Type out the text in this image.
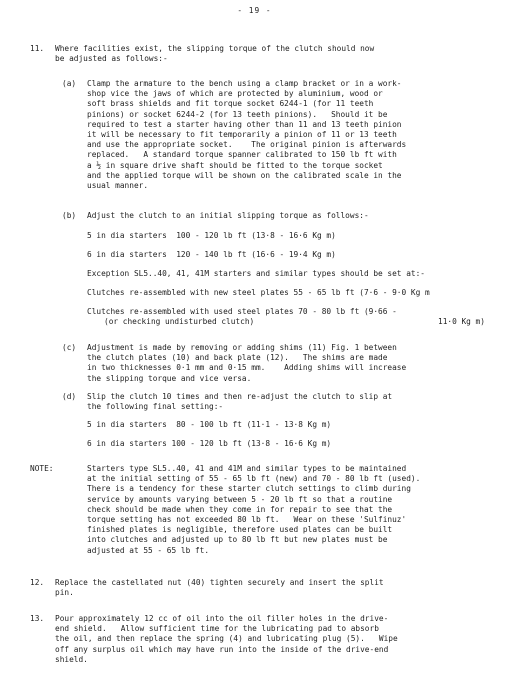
- 19 -
11. Where facilities exist, the slipping torque of the clutch should now
be adjusted as follows:-
(a) Clamp the armature to the bench using a clamp bracket or in a work-
shop vice the jaws of which are protected by aluminium, wood or
soft brass shields and fit torque socket 6244-1 (for 11 teeth
pinions) or socket 6244-2 (for 13 teeth pinions).   Should it be
required to test a starter having other than 11 and 13 teeth pinion
it will be necessary to fit temporarily a pinion of 11 or 13 teeth
and use the appropriate socket.    The original pinion is afterwards
replaced.   A standard torque spanner calibrated to 150 lb ft with
a ½ in square drive shaft should be fitted to the torque socket
and the applied torque will be shown on the calibrated scale in the
usual manner.
(b) Adjust the clutch to an initial slipping torque as follows:-
5 in dia starters  100 - 120 lb ft (13·8 - 16·6 Kg m)
6 in dia starters  120 - 140 lb ft (16·6 - 19·4 Kg m)
Exception SL5..40, 41, 41M starters and similar types should be set at:-
Clutches re-assembled with new steel plates 55 - 65 lb ft (7·6 - 9·0 Kg m
Clutches re-assembled with used steel plates 70 - 80 lb ft (9·66 -
(or checking undisturbed clutch)	11·0 Kg m)
(c) Adjustment is made by removing or adding shims (11) Fig. 1 between
the clutch plates (10) and back plate (12).   The shims are made
in two thicknesses 0·1 mm and 0·15 mm.    Adding shims will increase
the slipping torque and vice versa.
(d) Slip the clutch 10 times and then re-adjust the clutch to slip at
the following final setting:-
5 in dia starters  80 - 100 lb ft (11·1 - 13·8 Kg m)
6 in dia starters 100 - 120 lb ft (13·8 - 16·6 Kg m)
NOTE:	Starters type SL5..40, 41 and 41M and similar types to be maintained
at the initial setting of 55 - 65 lb ft (new) and 70 - 80 lb ft (used).
There is a tendency for these starter clutch settings to climb during
service by amounts varying between 5 - 20 lb ft so that a routine
check should be made when they come in for repair to see that the
torque setting has not exceeded 80 lb ft.   Wear on these 'Sulfinuz'
finished plates is negligible, therefore used plates can be built
into clutches and adjusted up to 80 lb ft but new plates must be
adjusted at 55 - 65 lb ft.
12. Replace the castellated nut (40) tighten securely and insert the split
pin.
13. Pour approximately 12 cc of oil into the oil filler holes in the drive-
end shield.   Allow sufficient time for the lubricating pad to absorb
the oil, and then replace the spring (4) and lubricating plug (5).   Wipe
off any surplus oil which may have run into the inside of the drive-end
shield.
